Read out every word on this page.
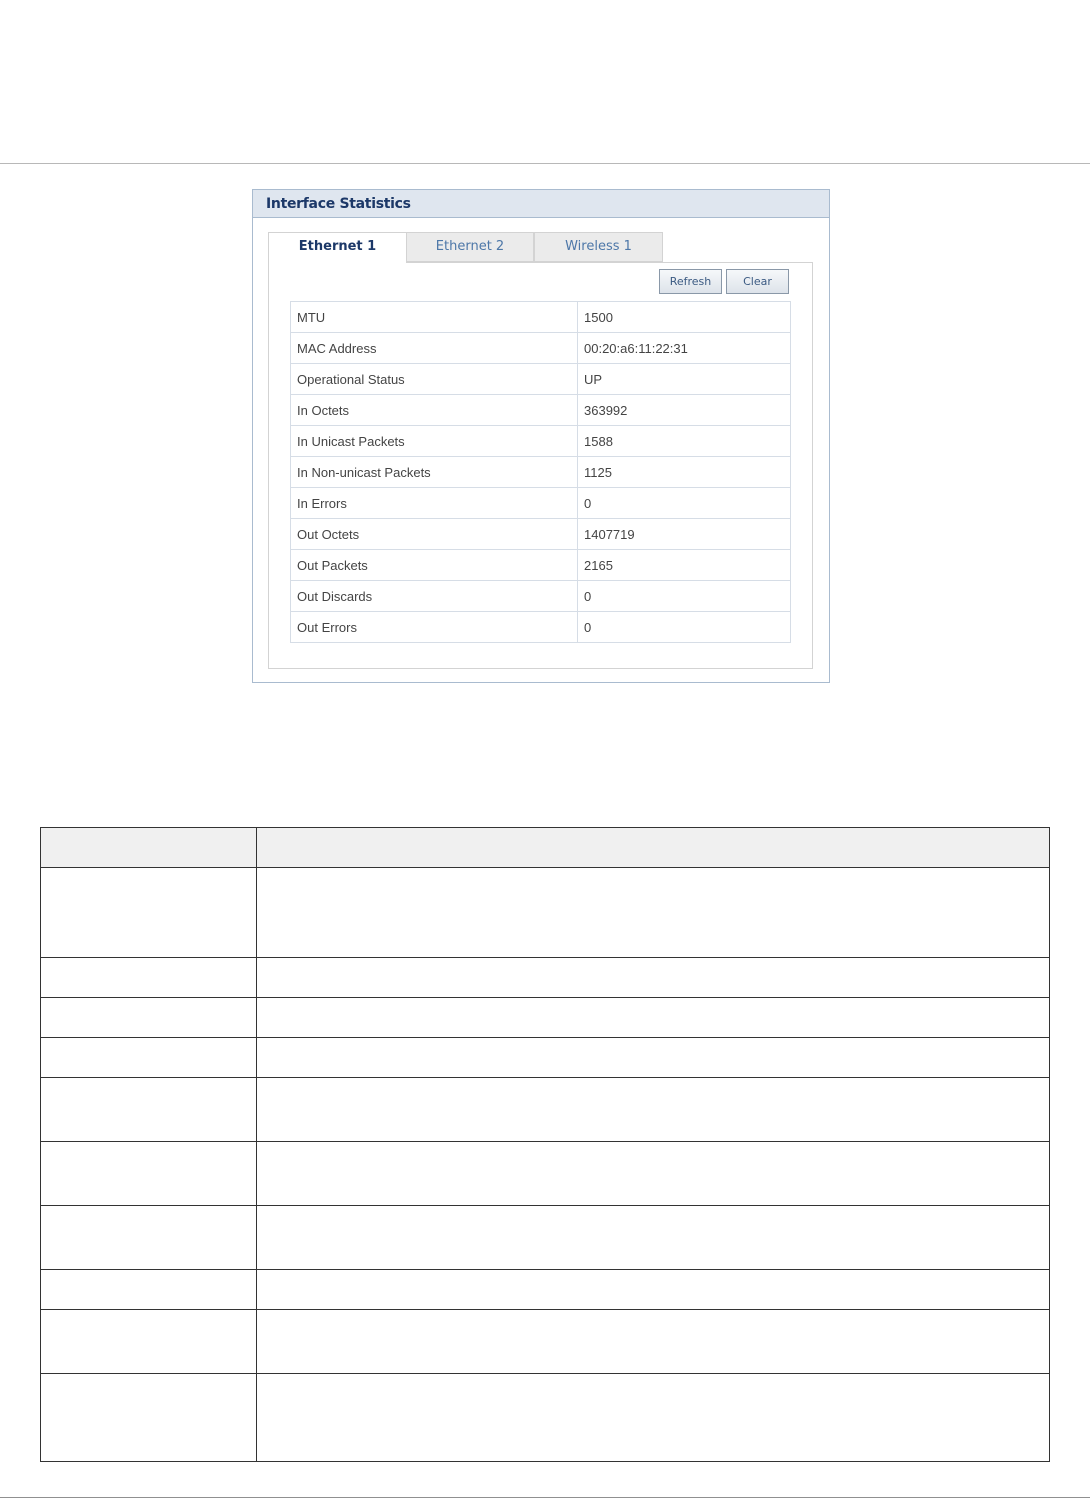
Interface Statistics
Ethernet 1	Ethernet 2	Wireless 1
Refresh	Clear
MTU	1500
MAC Address	00:20:a6:11:22:31
Operational Status	UP
In Octets	363992
In Unicast Packets	1588
In Non-unicast Packets	1125
In Errors	0
Out Octets	1407719
Out Packets	2165
Out Discards	0
Out Errors	0
